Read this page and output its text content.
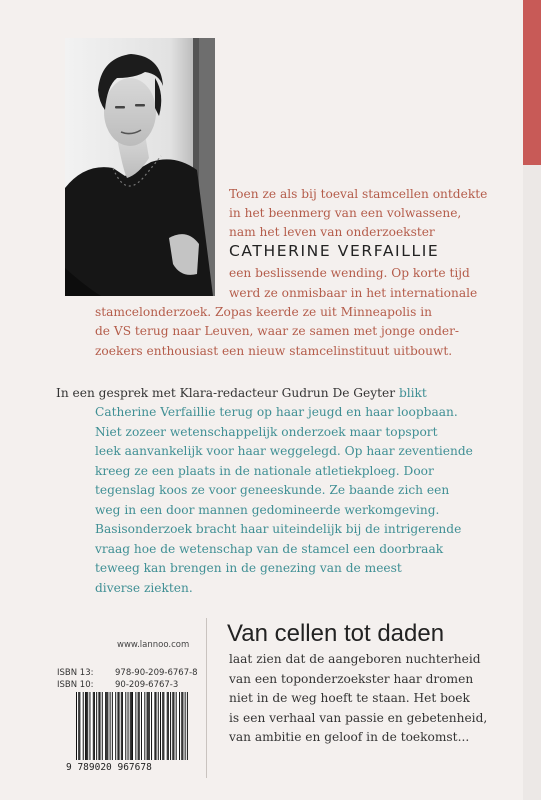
Toen ze als bij toeval stamcellen ontdekte
in het beenmerg van een volwassene,
nam het leven van onderzoekster
CATHERINE VERFAILLIE
een beslissende wending. Op korte tijd
werd ze onmisbaar in het internationale
stamcelonderzoek. Zopas keerde ze uit Minneapolis in
de VS terug naar Leuven, waar ze samen met jonge onder-
zoekers enthousiast een nieuw stamcelinstituut uitbouwt.
In een gesprek met Klara-redacteur Gudrun De Geyter blikt
Catherine Verfaillie terug op haar jeugd en haar loopbaan.
Niet zozeer wetenschappelijk onderzoek maar topsport
leek aanvankelijk voor haar weggelegd. Op haar zeventiende
kreeg ze een plaats in de nationale atletiekploeg. Door
tegenslag koos ze voor geneeskunde. Ze baande zich een
weg in een door mannen gedomineerde werkomgeving.
Basisonderzoek bracht haar uiteindelijk bij de intrigerende
vraag hoe de wetenschap van de stamcel een doorbraak
teweeg kan brengen in de genezing van de meest
diverse ziekten.
Van cellen tot daden
laat zien dat de aangeboren nuchterheid
van een toponderzoekster haar dromen
niet in de weg hoeft te staan. Het boek
is een verhaal van passie en gebetenheid,
van ambitie en geloof in de toekomst...
www.lannoo.com
ISBN 13:	978-90-209-6767-8
ISBN 10:	90-209-6767-3
9 789020 967678
